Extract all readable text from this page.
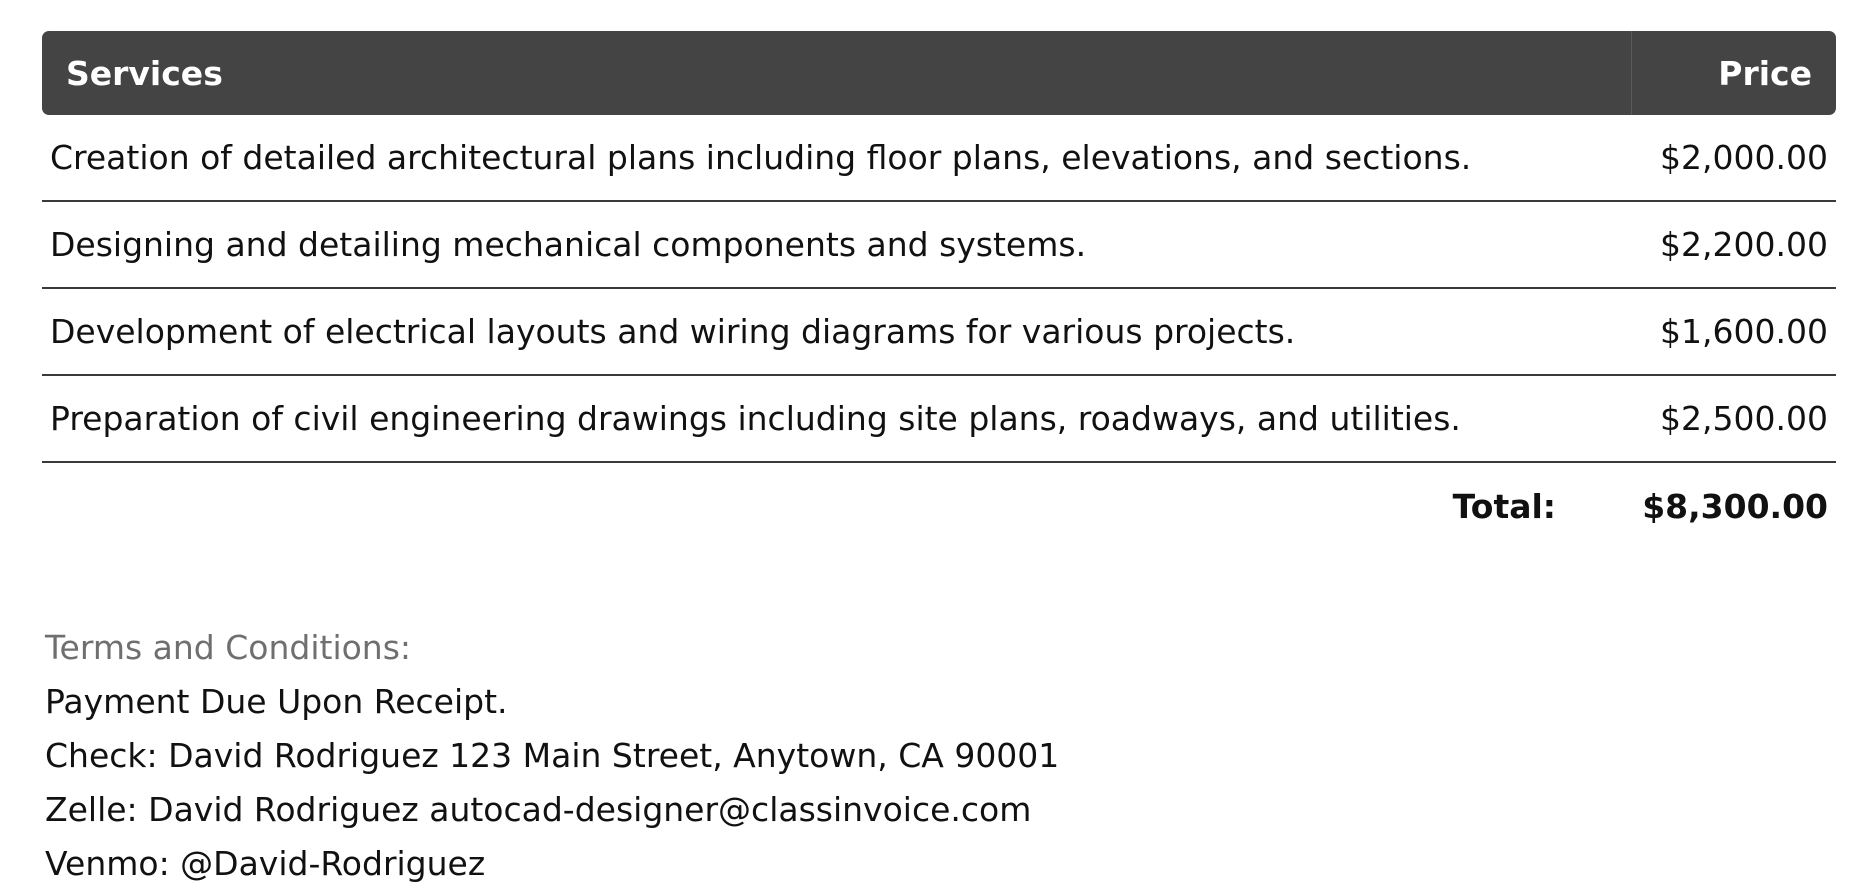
Services	Price
Creation of detailed architectural plans including floor plans, elevations, and sections.	$2,000.00
Designing and detailing mechanical components and systems.	$2,200.00
Development of electrical layouts and wiring diagrams for various projects.	$1,600.00
Preparation of civil engineering drawings including site plans, roadways, and utilities.	$2,500.00
Total:	$8,300.00
Terms and Conditions:
Payment Due Upon Receipt.
Check: David Rodriguez 123 Main Street, Anytown, CA 90001
Zelle: David Rodriguez autocad-designer@classinvoice.com
Venmo: @David-Rodriguez
